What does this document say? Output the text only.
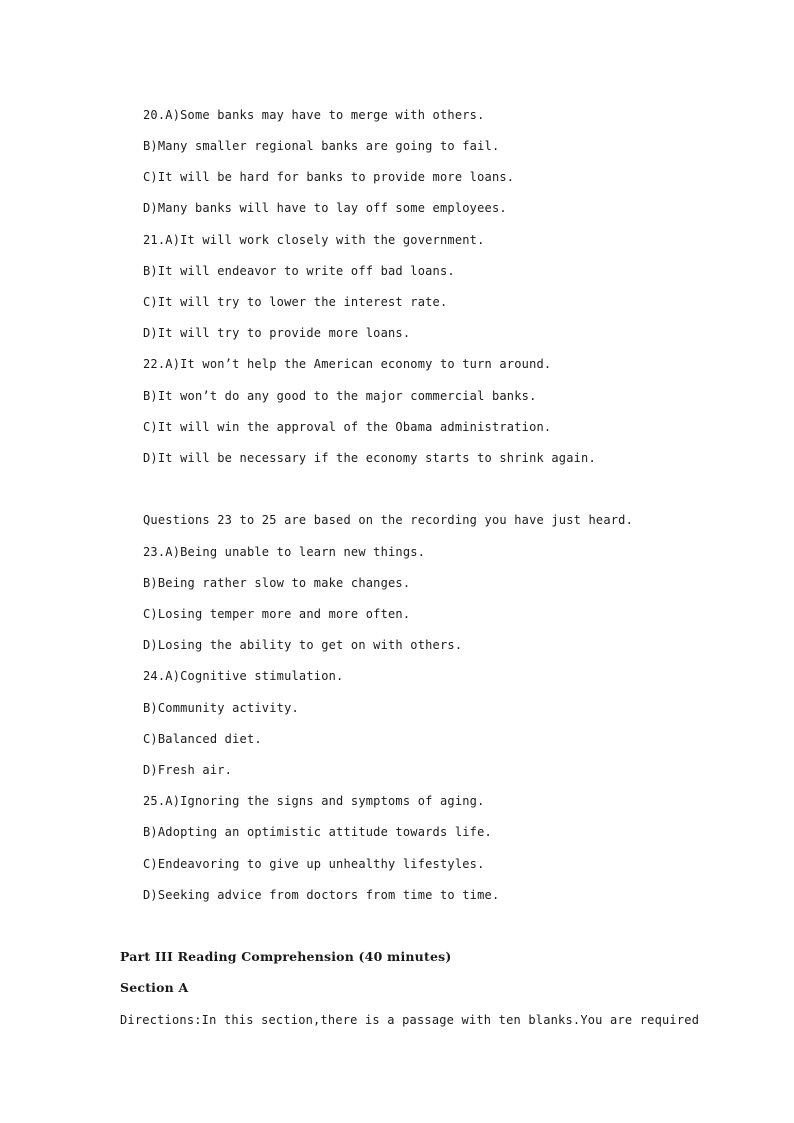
20.A)Some banks may have to merge with others.
B)Many smaller regional banks are going to fail.
C)It will be hard for banks to provide more loans.
D)Many banks will have to lay off some employees.
21.A)It will work closely with the government.
B)It will endeavor to write off bad loans.
C)It will try to lower the interest rate.
D)It will try to provide more loans.
22.A)It won’t help the American economy to turn around.
B)It won’t do any good to the major commercial banks.
C)It will win the approval of the Obama administration.
D)It will be necessary if the economy starts to shrink again.
Questions 23 to 25 are based on the recording you have just heard.
23.A)Being unable to learn new things.
B)Being rather slow to make changes.
C)Losing temper more and more often.
D)Losing the ability to get on with others.
24.A)Cognitive stimulation.
B)Community activity.
C)Balanced diet.
D)Fresh air.
25.A)Ignoring the signs and symptoms of aging.
B)Adopting an optimistic attitude towards life.
C)Endeavoring to give up unhealthy lifestyles.
D)Seeking advice from doctors from time to time.
Part III Reading Comprehension (40 minutes)
Section A
Directions:In this section,there is a passage with ten blanks.You are required
